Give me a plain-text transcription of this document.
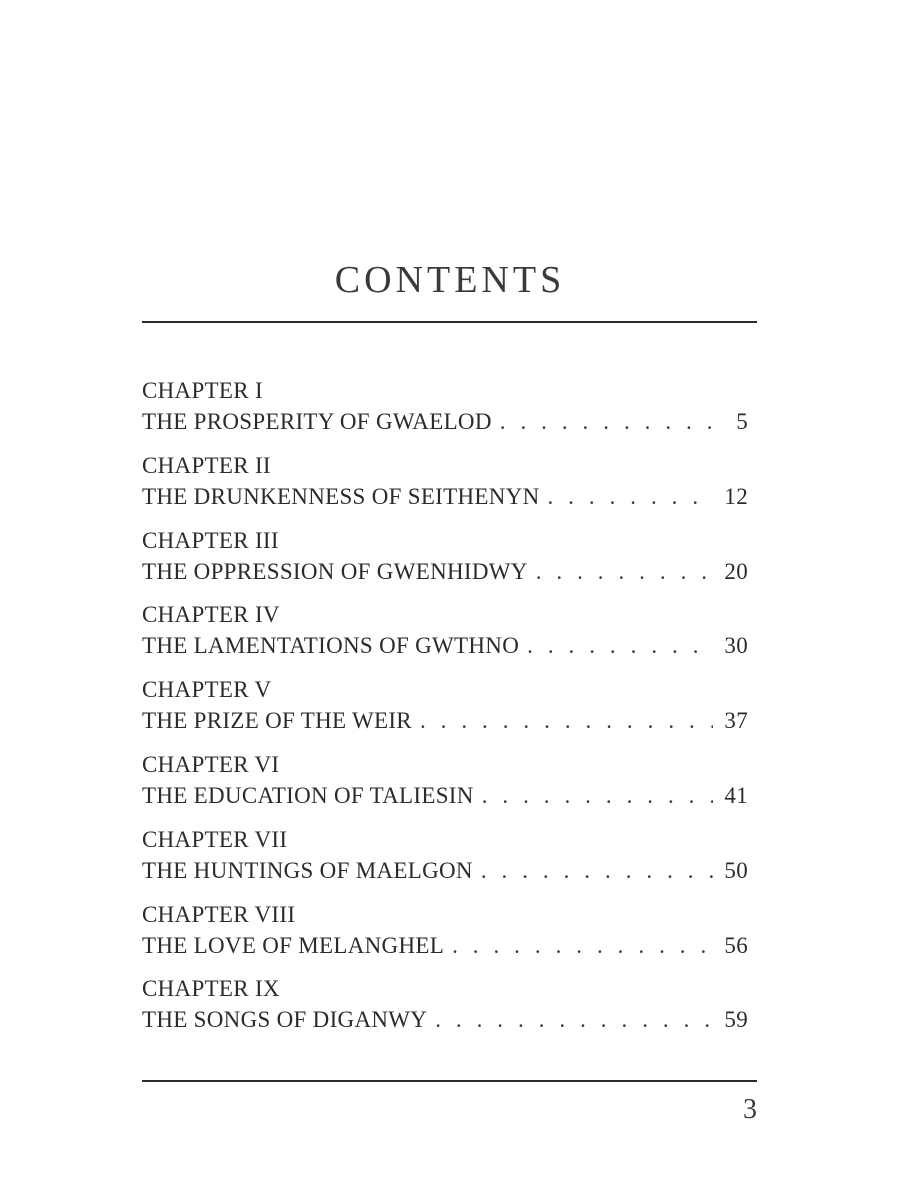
CONTENTS
CHAPTER I
THE PROSPERITY OF GWAELOD . . .	5
CHAPTER II
THE DRUNKENNESS OF SEITHENYN . . .	12
CHAPTER III
THE OPPRESSION OF GWENHIDWY . . .	20
CHAPTER IV
THE LAMENTATIONS OF GWTHNO . . .	30
CHAPTER V
THE PRIZE OF THE WEIR . . .	37
CHAPTER VI
THE EDUCATION OF TALIESIN . . .	41
CHAPTER VII
THE HUNTINGS OF MAELGON . . .	50
CHAPTER VIII
THE LOVE OF MELANGHEL . . .	56
CHAPTER IX
THE SONGS OF DIGANWY . . .	59

3
